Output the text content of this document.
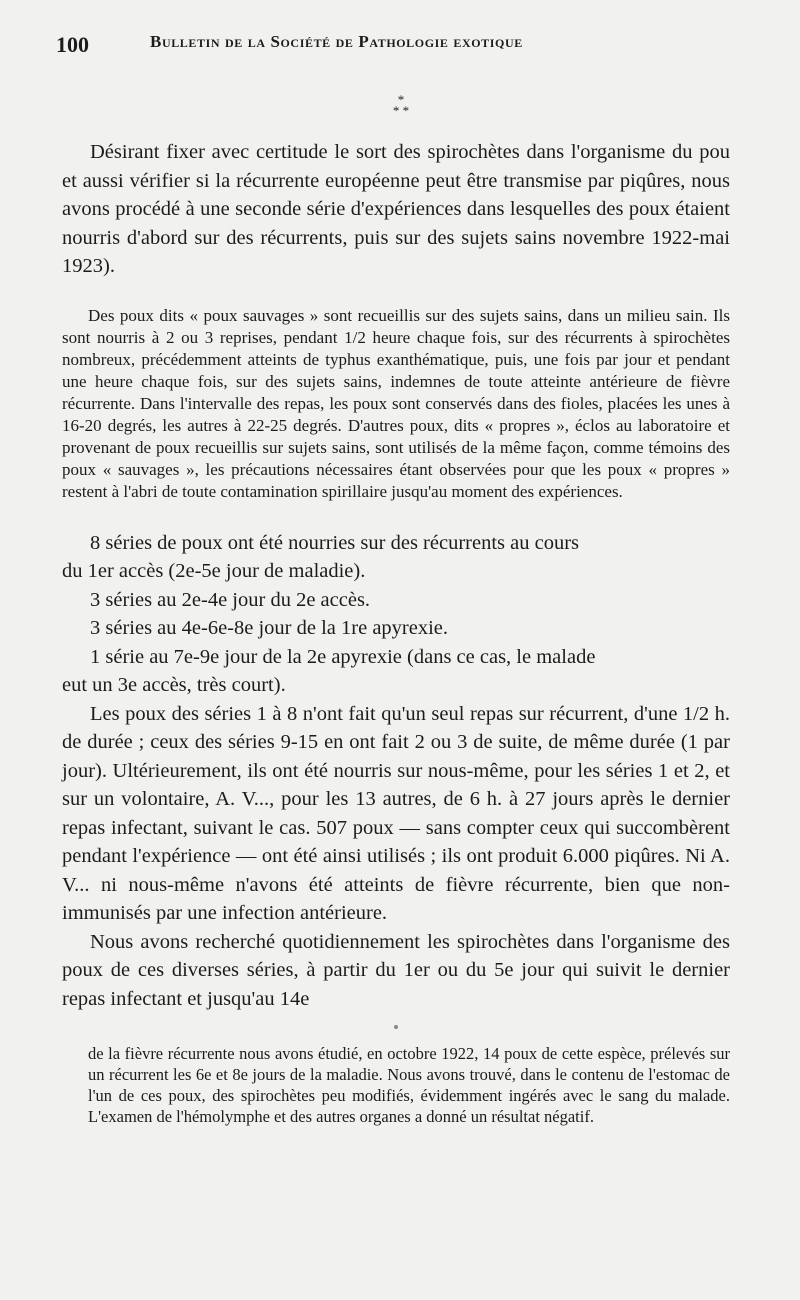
100	Bulletin de la Société de Pathologie exotique
*
* *

Désirant fixer avec certitude le sort des spirochètes dans l'organisme du pou et aussi vérifier si la récurrente européenne peut être transmise par piqûres, nous avons procédé à une seconde série d'expériences dans lesquelles des poux étaient nourris d'abord sur des récurrents, puis sur des sujets sains novembre 1922-mai 1923).

Des poux dits « poux sauvages » sont recueillis sur des sujets sains, dans un milieu sain. Ils sont nourris à 2 ou 3 reprises, pendant 1/2 heure chaque fois, sur des récurrents à spirochètes nombreux, précédemment atteints de typhus exanthématique, puis, une fois par jour et pendant une heure chaque fois, sur des sujets sains, indemnes de toute atteinte antérieure de fièvre récurrente. Dans l'intervalle des repas, les poux sont conservés dans des fioles, placées les unes à 16-20 degrés, les autres à 22-25 degrés. D'autres poux, dits « propres », éclos au laboratoire et provenant de poux recueillis sur sujets sains, sont utilisés de la même façon, comme témoins des poux « sauvages », les précautions nécessaires étant observées pour que les poux « propres » restent à l'abri de toute contamination spirillaire jusqu'au moment des expériences.

8 séries de poux ont été nourries sur des récurrents au cours
du 1er accès (2e-5e jour de maladie).
3 séries au 2e-4e jour du 2e accès.
3 séries au 4e-6e-8e jour de la 1re apyrexie.
1 série au 7e-9e jour de la 2e apyrexie (dans ce cas, le malade
eut un 3e accès, très court).

Les poux des séries 1 à 8 n'ont fait qu'un seul repas sur récurrent, d'une 1/2 h. de durée ; ceux des séries 9-15 en ont fait 2 ou 3 de suite, de même durée (1 par jour). Ultérieurement, ils ont été nourris sur nous-même, pour les séries 1 et 2, et sur un volontaire, A. V..., pour les 13 autres, de 6 h. à 27 jours après le dernier repas infectant, suivant le cas. 507 poux — sans compter ceux qui succombèrent pendant l'expérience — ont été ainsi utilisés ; ils ont produit 6.000 piqûres. Ni A. V... ni nous-même n'avons été atteints de fièvre récurrente, bien que non-immunisés par une infection antérieure.

Nous avons recherché quotidiennement les spirochètes dans l'organisme des poux de ces diverses séries, à partir du 1er ou du 5e jour qui suivit le dernier repas infectant et jusqu'au 14e

de la fièvre récurrente nous avons étudié, en octobre 1922, 14 poux de cette espèce, prélevés sur un récurrent les 6e et 8e jours de la maladie. Nous avons trouvé, dans le contenu de l'estomac de l'un de ces poux, des spirochètes peu modifiés, évidemment ingérés avec le sang du malade. L'examen de l'hémolymphe et des autres organes a donné un résultat négatif.
